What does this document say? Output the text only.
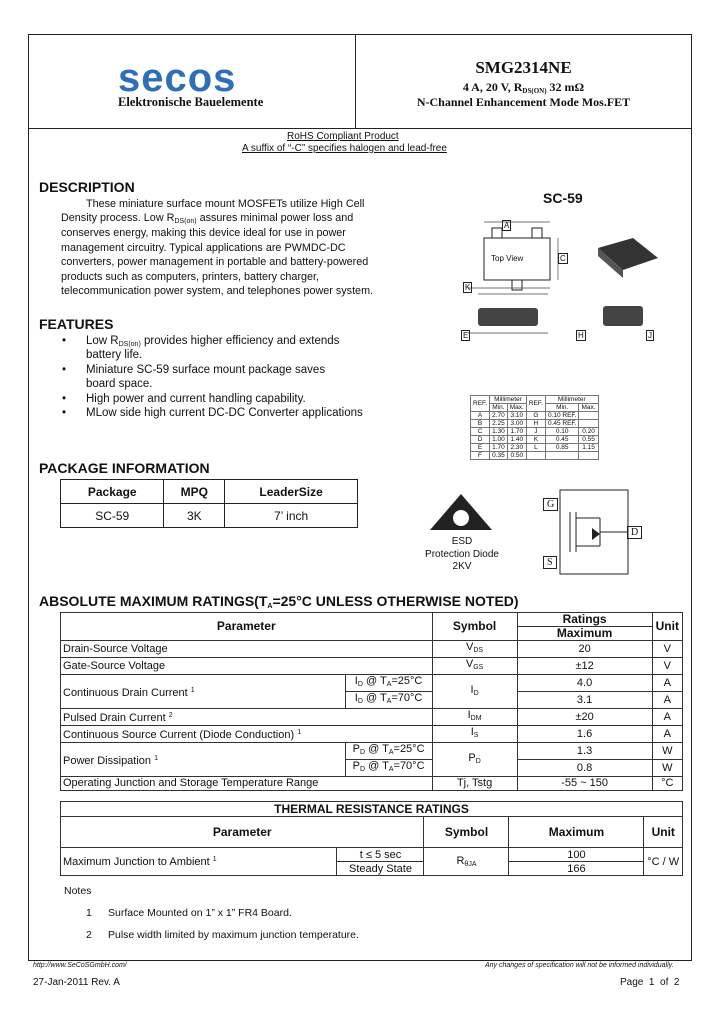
secos
Elektronische Bauelemente
SMG2314NE
4 A, 20 V, $R_{DS(ON)}$ 32 mΩ
N-Channel Enhancement Mode Mos.FET
RoHS Compliant Product
A suffix of “-C” specifies halogen and lead-free
DESCRIPTION
These miniature surface mount MOSFETs utilize High Cell
Density process. Low $R_{DS(on)}$ assures minimal power loss and
conserves energy, making this device ideal for use in power
management circuitry. Typical applications are PWMDC-DC
converters, power management in portable and battery-powered
products such as computers, printers, battery charger,
telecommunication power system, and telephones power system.
FEATURES
• Low $R_{DS(on)}$ provides higher efficiency and extends
battery life.
• Miniature SC-59 surface mount package saves
board space.
• High power and current handling capability.
• MLow side high current DC-DC Converter applications
PACKAGE INFORMATION
Package	MPQ	LeaderSize
SC-59	3K	7’ inch
SC-59
Top View
A
C
K
E	H	J
REF.	Millimeter		REF.	Millimeter	
	Min.	Max.		Min.	Max.
A	2.70	3.10	G	0.10 REF.	
B	2.25	3.00	H	0.45 REF.	
C	1.30	1.70	J	0.10	0.20
D	1.00	1.40	K	0.45	0.55
E	1.70	2.30	L	0.85	1.15
F	0.35	0.50			
ESD
Protection Diode
2KV
G
S
D
ABSOLUTE MAXIMUM $RATINGS(T_A=25^\circ C$ UNLESS OTHERWISE NOTED)
Parameter		Symbol	Ratings	Unit
			Maximum	
Drain-Source Voltage		$V_{DS}$	20	V
Gate-Source Voltage		$V_{GS}$	±12	V
Continuous Drain Current $^1$	$I_D$ @ $T_A=25^\circ C$	$I_D$	4.0	A
	$I_D$ @ $T_A=70^\circ C$		3.1	A
Pulsed Drain Current $^2$		$I_{DM}$	±20	A
Continuous Source Current (Diode Conduction) $^1$		$I_S$	1.6	A
Power Dissipation $^1$	$P_D$ @ $T_A=25^\circ C$	$P_D$	1.3	W
	$P_D$ @ $T_A=70^\circ C$		0.8	W
Operating Junction and Storage Temperature Range		Tj, Tstg	-55 ~ 150	°C
THERMAL RESISTANCE RATINGS				
Parameter		Symbol	Maximum	Unit
Maximum Junction to Ambient $^1$	t ≤ 5 sec	$R_{\theta JA}$	100	°C / W
	Steady State		166	
Notes
1 Surface Mounted on 1” x 1” FR4 Board.
2 Pulse width limited by maximum junction temperature.
http://www.SeCoSGmbH.com/	Any changes of specification will not be informed individually.
27-Jan-2011 Rev. A	Page  1  of  2
